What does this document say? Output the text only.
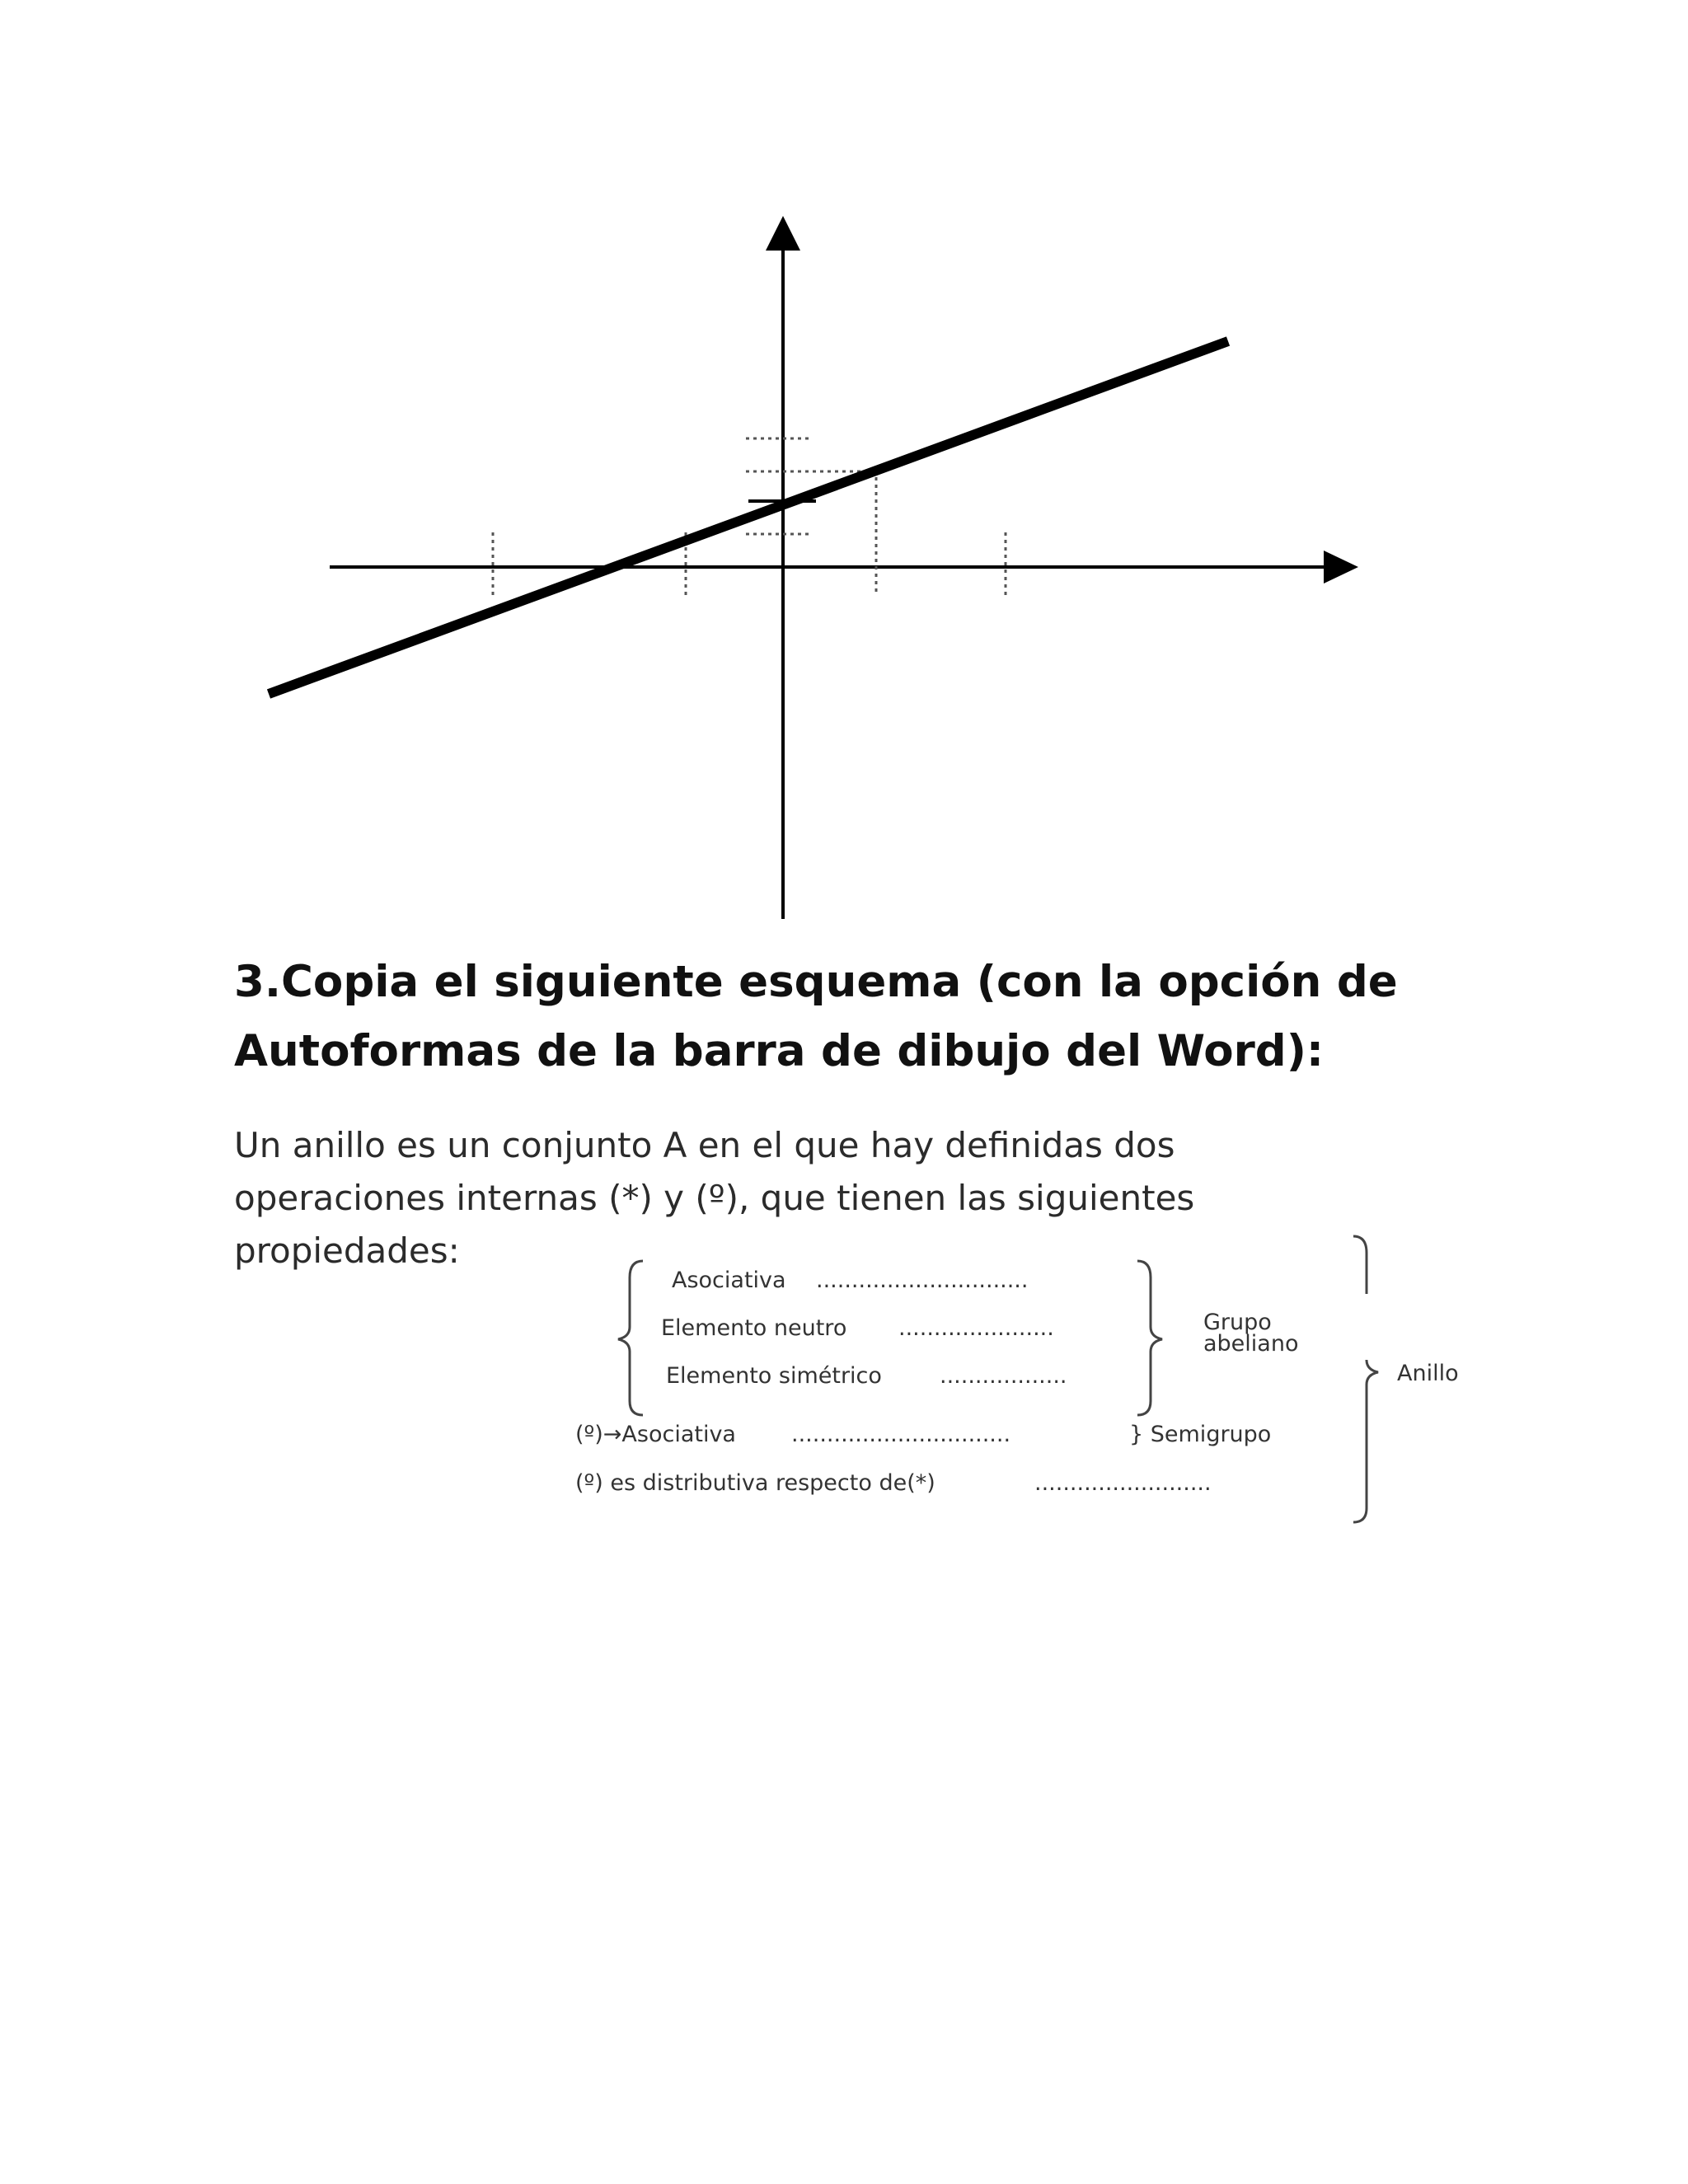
3.Copia el siguiente esquema (con la opción de
Autoformas de la barra de dibujo del Word):

Un anillo es un conjunto A en el que hay definidas dos
operaciones internas (*) y (º), que tienen las siguientes
propiedades:

Asociativa ..............................
Elemento neutro ......................
Elemento simétrico	..................
Grupo
abeliano
Anillo
(º)→Asociativa ...............................	} Semigrupo
(º) es distributiva respecto de(*)	.........................
